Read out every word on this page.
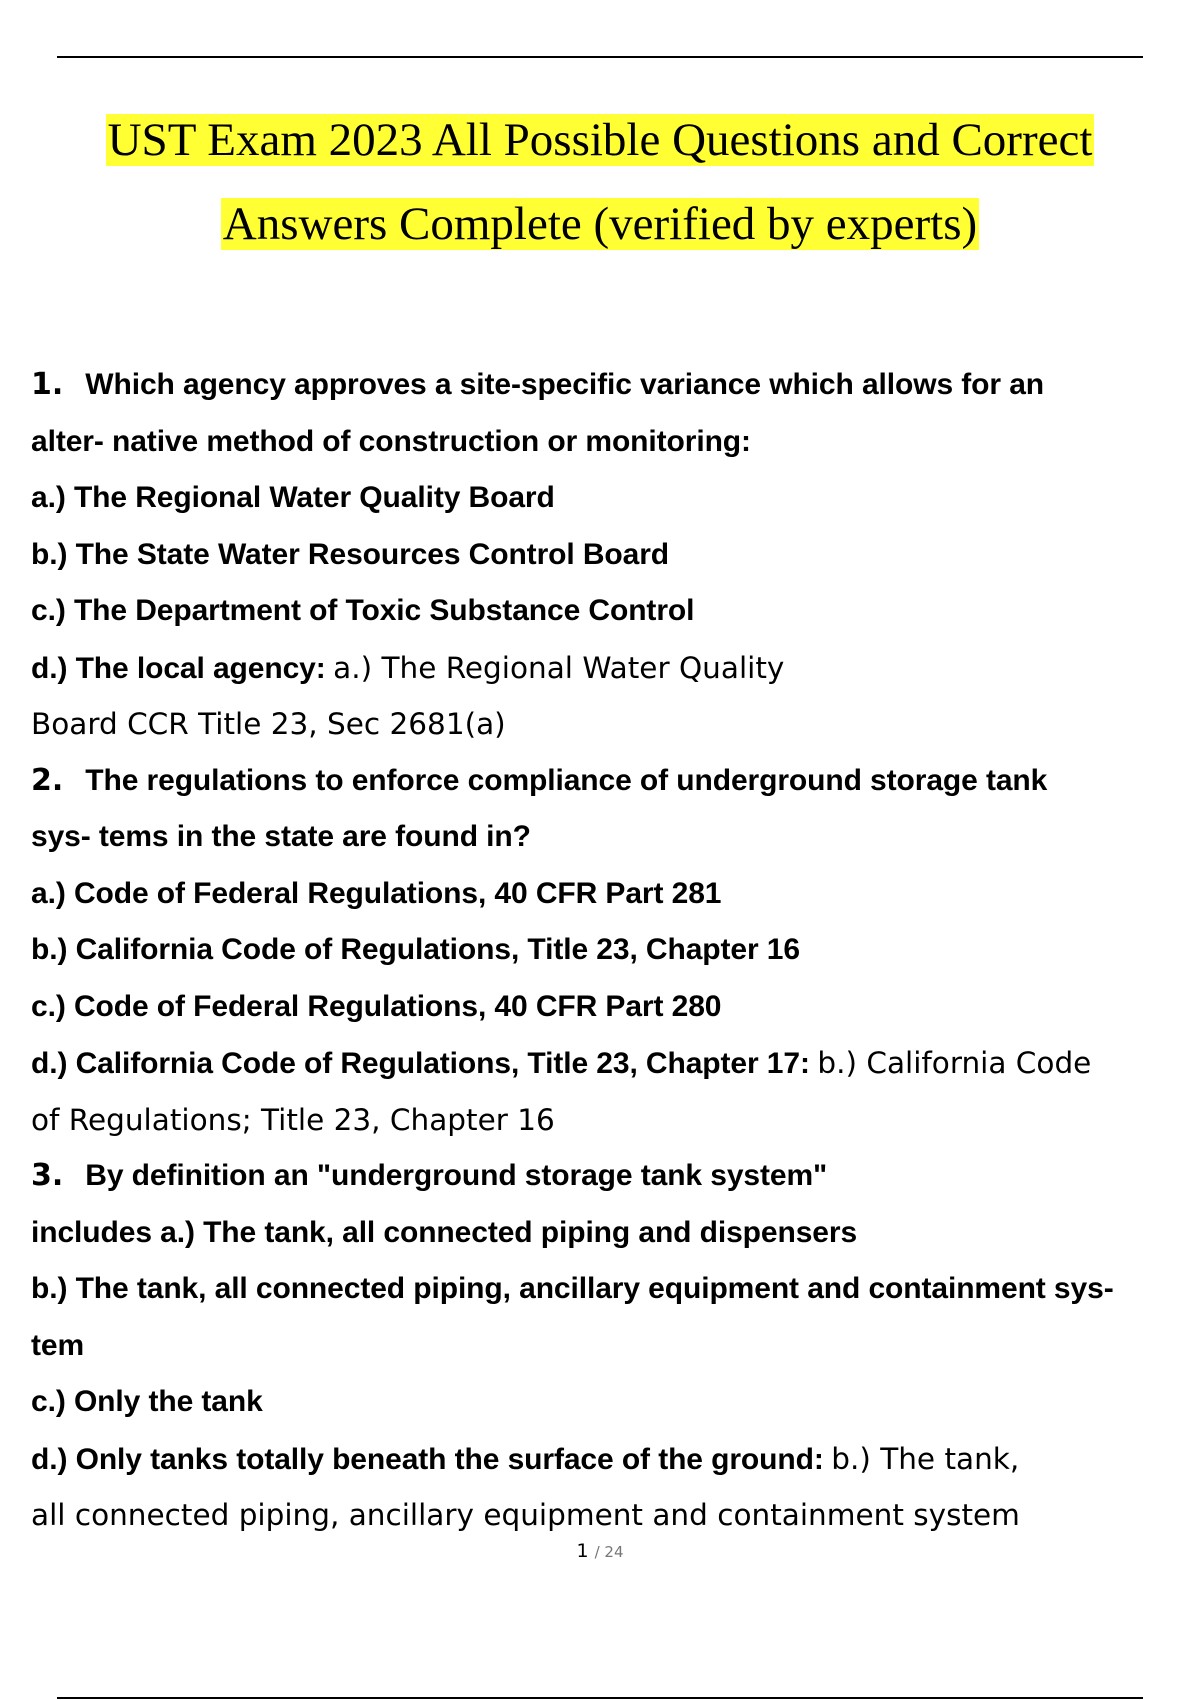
UST Exam 2023 All Possible Questions and Correct
Answers Complete (verified by experts)
1. Which agency approves a site-specific variance which allows for an
alter- native method of construction or monitoring:
a.) The Regional Water Quality Board
b.) The State Water Resources Control Board
c.) The Department of Toxic Substance Control
d.) The local agency: a.) The Regional Water Quality
Board CCR Title 23, Sec 2681(a)
2. The regulations to enforce compliance of underground storage tank
sys- tems in the state are found in?
a.) Code of Federal Regulations, 40 CFR Part 281
b.) California Code of Regulations, Title 23, Chapter 16
c.) Code of Federal Regulations, 40 CFR Part 280
d.) California Code of Regulations, Title 23, Chapter 17: b.) California Code
of Regulations; Title 23, Chapter 16
3. By definition an "underground storage tank system"
includes a.) The tank, all connected piping and dispensers
b.) The tank, all connected piping, ancillary equipment and containment sys-
tem
c.) Only the tank
d.) Only tanks totally beneath the surface of the ground: b.) The tank,
all connected piping, ancillary equipment and containment system
1 / 24
